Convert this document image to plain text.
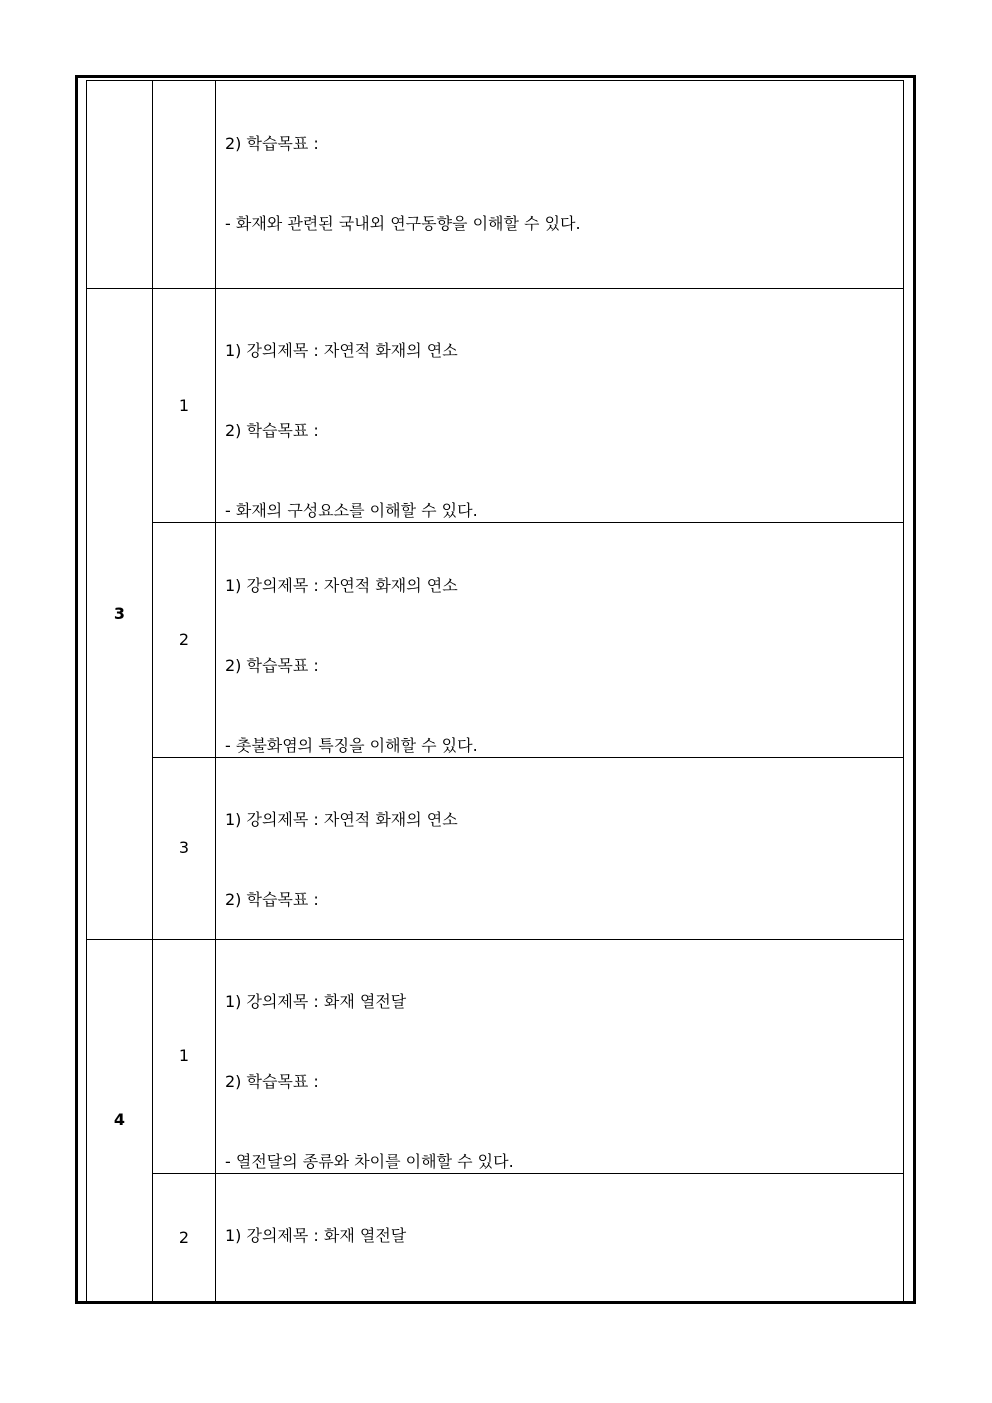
2) 학습목표 :

- 화재와 관련된 국내외 연구동향을 이해할 수 있다.

3
1

1) 강의제목 : 자연적 화재의 연소

2) 학습목표 :

- 화재의 구성요소를 이해할 수 있다.

2

1) 강의제목 : 자연적 화재의 연소

2) 학습목표 :

- 촛불화염의 특징을 이해할 수 있다.

3

1) 강의제목 : 자연적 화재의 연소

2) 학습목표 :

4
1

1) 강의제목 : 화재 열전달

2) 학습목표 :

- 열전달의 종류와 차이를 이해할 수 있다.

2

	1) 강의제목 : 화재 열전달
